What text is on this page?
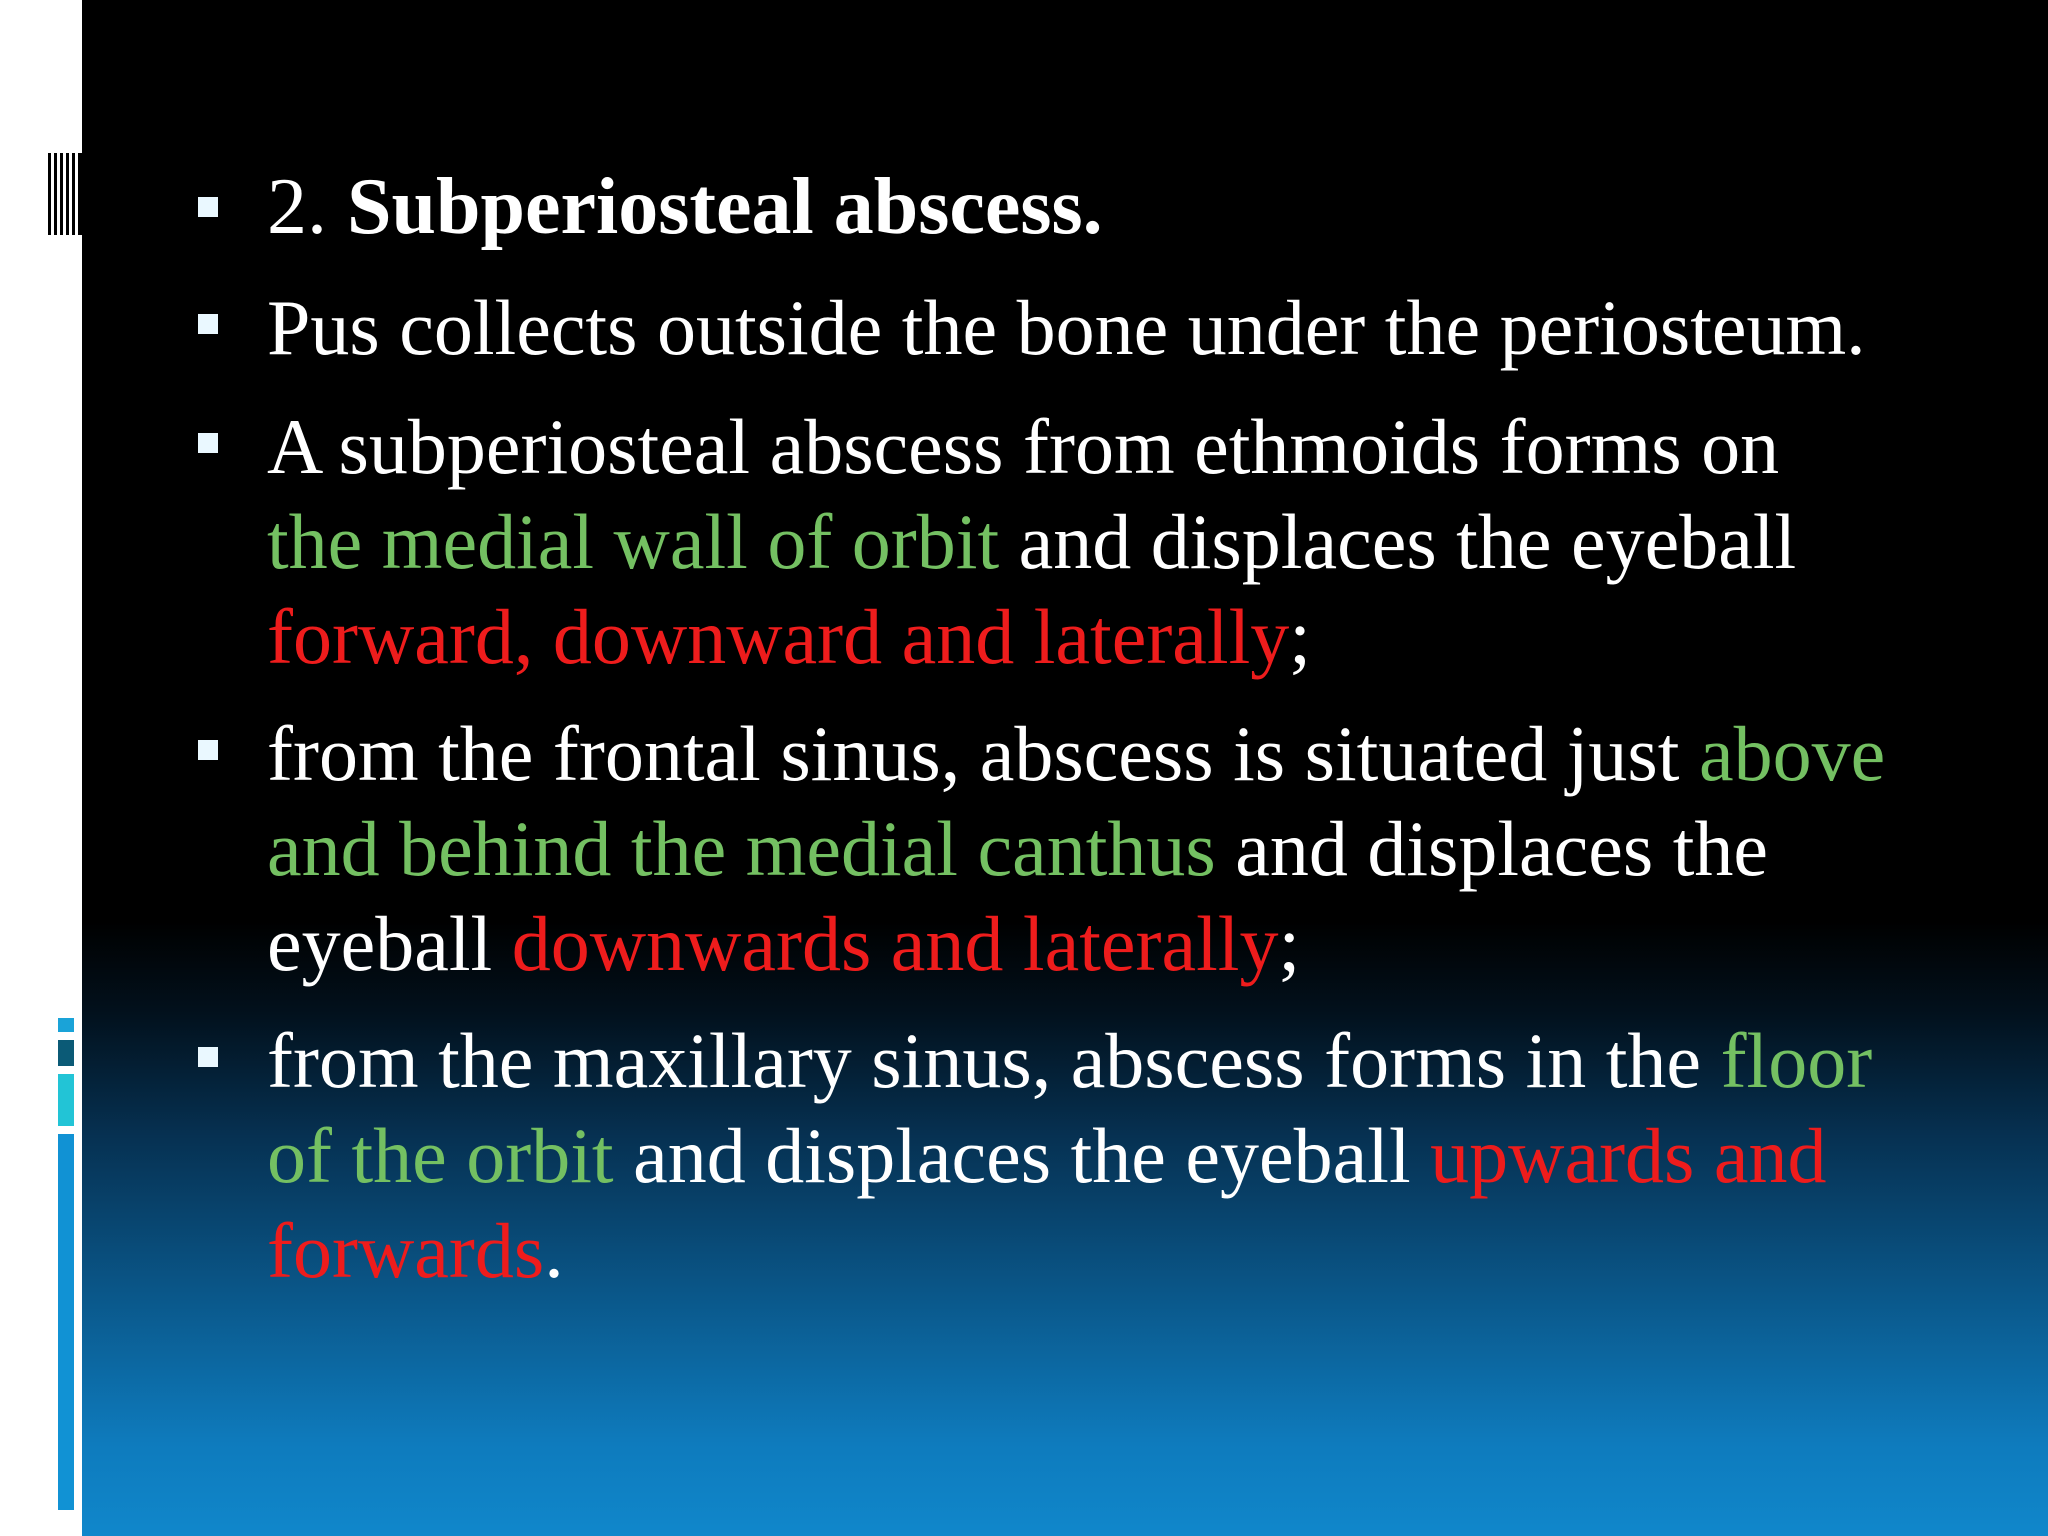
2. Subperiosteal abscess.
Pus collects outside the bone under the periosteum.
A subperiosteal abscess from ethmoids forms on
the medial wall of orbit and displaces the eyeball
forward, downward and laterally;
from the frontal sinus, abscess is situated just above
and behind the medial canthus and displaces the
eyeball downwards and laterally;
from the maxillary sinus, abscess forms in the floor
of the orbit and displaces the eyeball upwards and
forwards.
